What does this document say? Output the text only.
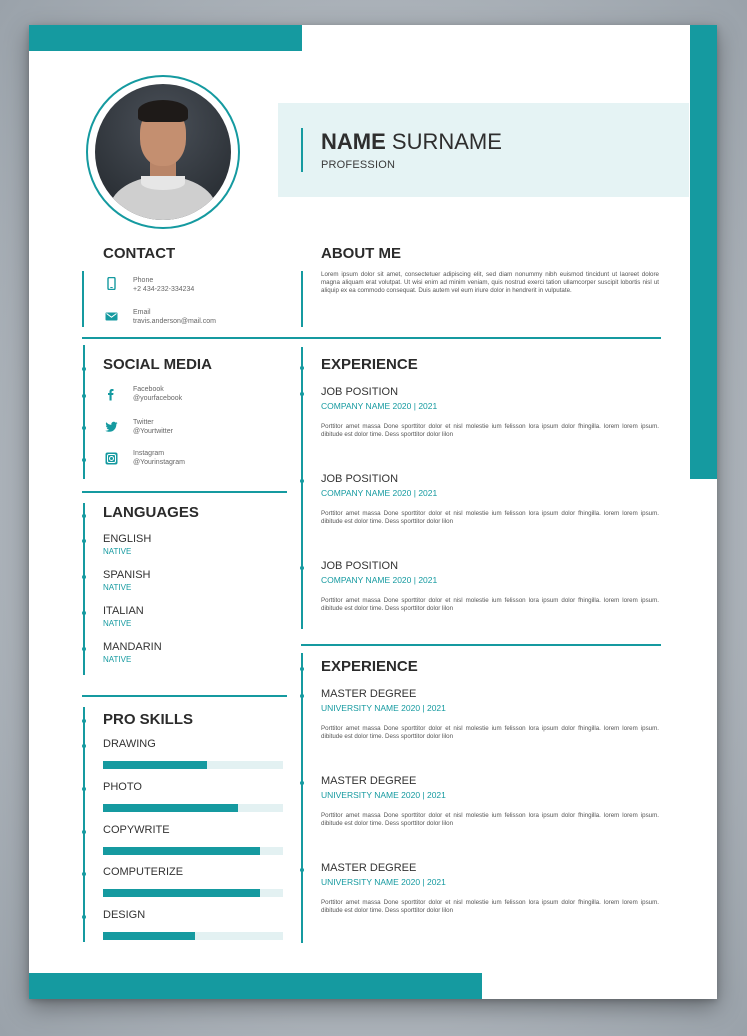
NAME SURNAME
PROFESSION
CONTACT
Phone
+2 434-232-334234
Email
travis.anderson@mail.com
ABOUT ME
Lorem ipsum dolor sit amet, consectetuer adipiscing elit, sed diam nonummy nibh euismod tincidunt ut laoreet dolore magna aliquam erat volutpat. Ut wisi enim ad minim veniam, quis nostrud exerci tation ullamcorper suscipit lobortis nisl ut aliquip ex ea commodo consequat. Duis autem vel eum iriure dolor in hendrerit in vulputate.
SOCIAL MEDIA
Facebook
@yourfacebook
Twitter
@Yourtwitter
Instagram
@Yourinstagram
LANGUAGES
ENGLISH
NATIVE
SPANISH
NATIVE
ITALIAN
NATIVE
MANDARIN
NATIVE
PRO SKILLS
DRAWING
PHOTO
COPYWRITE
COMPUTERIZE
DESIGN
EXPERIENCE
JOB POSITION
COMPANY NAME 2020 | 2021
Porttitor amet massa Done sporttitor dolor et nisl molestie ium felisson lora ipsum dolor fhingilla. lorem lorem ipsum. dibitude est dolor time. Dess sporttitor dolor lilon
JOB POSITION
COMPANY NAME 2020 | 2021
Porttitor amet massa Done sporttitor dolor et nisl molestie ium felisson lora ipsum dolor fhingilla. lorem lorem ipsum. dibitude est dolor time. Dess sporttitor dolor lilon
JOB POSITION
COMPANY NAME 2020 | 2021
Porttitor amet massa Done sporttitor dolor et nisl molestie ium felisson lora ipsum dolor fhingilla. lorem lorem ipsum. dibitude est dolor time. Dess sporttitor dolor lilon
EXPERIENCE
MASTER DEGREE
UNIVERSITY NAME 2020 | 2021
Porttitor amet massa Done sporttitor dolor et nisl molestie ium felisson lora ipsum dolor fhingilla. lorem lorem ipsum. dibitude est dolor time. Dess sporttitor dolor lilon
MASTER DEGREE
UNIVERSITY NAME 2020 | 2021
Porttitor amet massa Done sporttitor dolor et nisl molestie ium felisson lora ipsum dolor fhingilla. lorem lorem ipsum. dibitude est dolor time. Dess sporttitor dolor lilon
MASTER DEGREE
UNIVERSITY NAME 2020 | 2021
Porttitor amet massa Done sporttitor dolor et nisl molestie ium felisson lora ipsum dolor fhingilla. lorem lorem ipsum. dibitude est dolor time. Dess sporttitor dolor lilon
